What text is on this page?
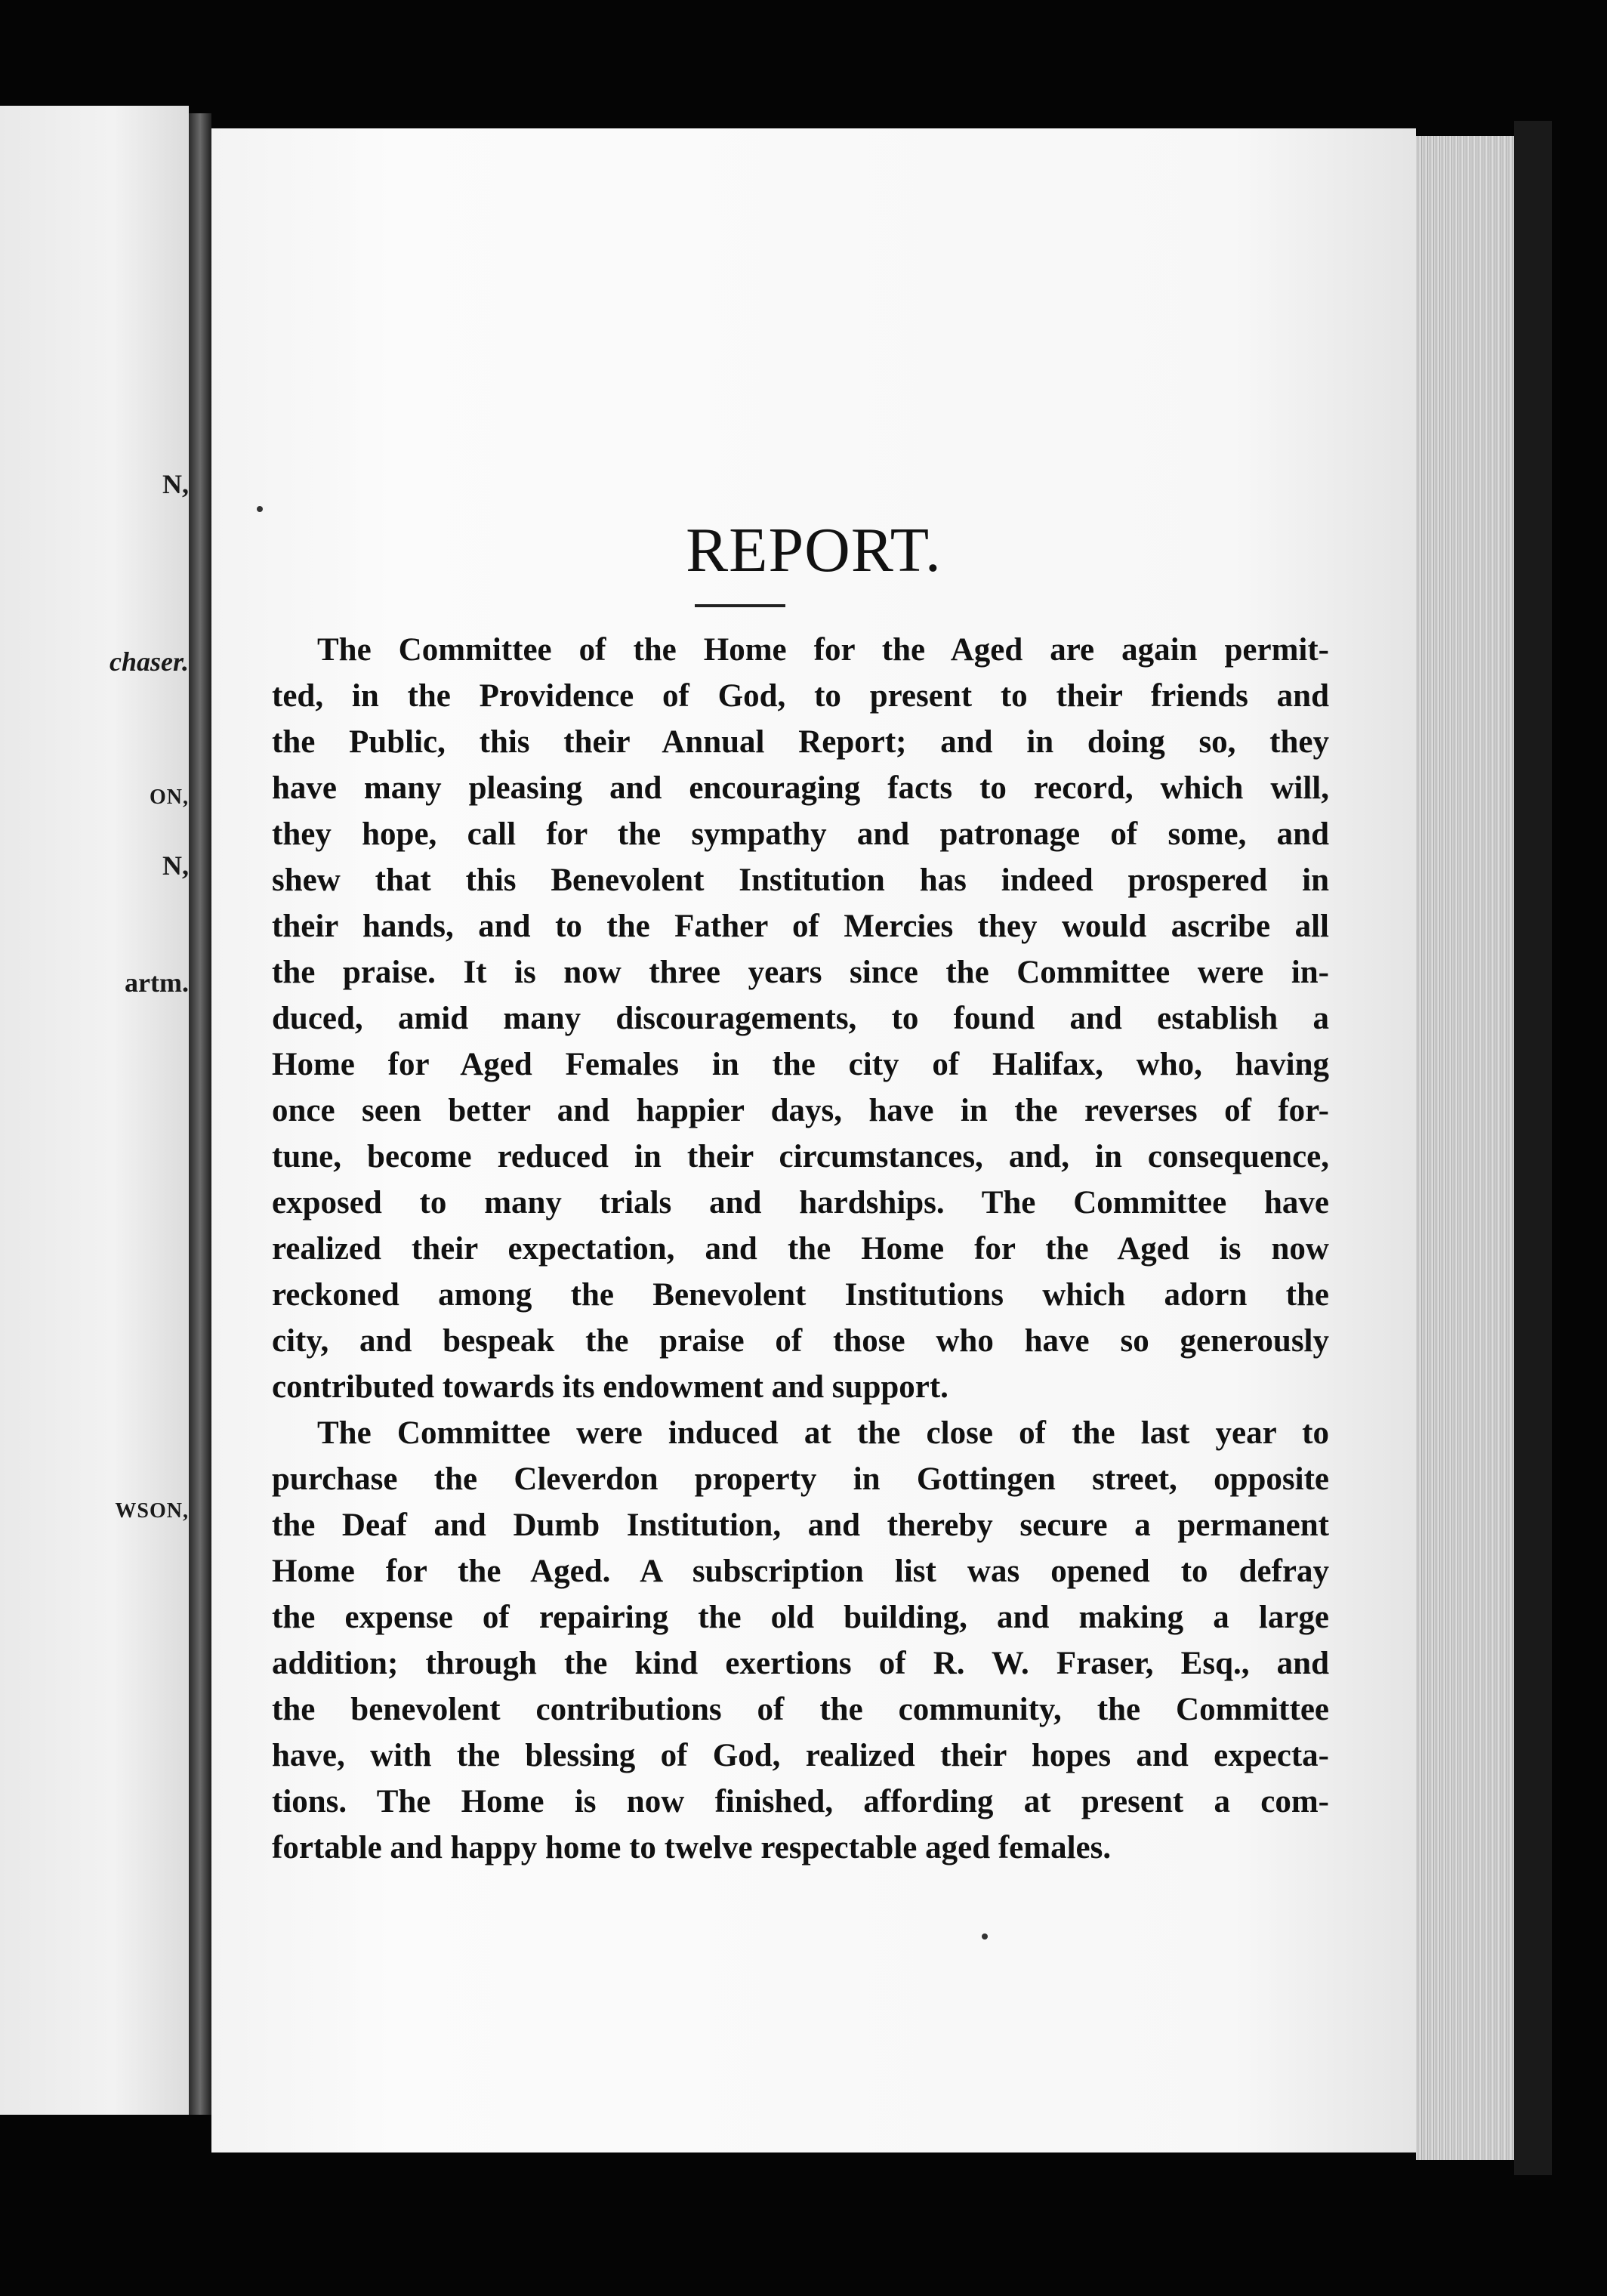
N,
chaser.
ON,
N,
artm.
WSON,
REPORT.
The Committee of the Home for the Aged are again permit-
ted, in the Providence of God, to present to their friends and
the Public, this their Annual Report; and in doing so, they
have many pleasing and encouraging facts to record, which will,
they hope, call for the sympathy and patronage of some, and
shew that this Benevolent Institution has indeed prospered in
their hands, and to the Father of Mercies they would ascribe all
the praise. It is now three years since the Committee were in-
duced, amid many discouragements, to found and establish a
Home for Aged Females in the city of Halifax, who, having
once seen better and happier days, have in the reverses of for-
tune, become reduced in their circumstances, and, in consequence,
exposed to many trials and hardships. The Committee have
realized their expectation, and the Home for the Aged is now
reckoned among the Benevolent Institutions which adorn the
city, and bespeak the praise of those who have so generously
contributed towards its endowment and support.
The Committee were induced at the close of the last year to
purchase the Cleverdon property in Gottingen street, opposite
the Deaf and Dumb Institution, and thereby secure a permanent
Home for the Aged. A subscription list was opened to defray
the expense of repairing the old building, and making a large
addition; through the kind exertions of R. W. Fraser, Esq., and
the benevolent contributions of the community, the Committee
have, with the blessing of God, realized their hopes and expecta-
tions. The Home is now finished, affording at present a com-
fortable and happy home to twelve respectable aged females.
